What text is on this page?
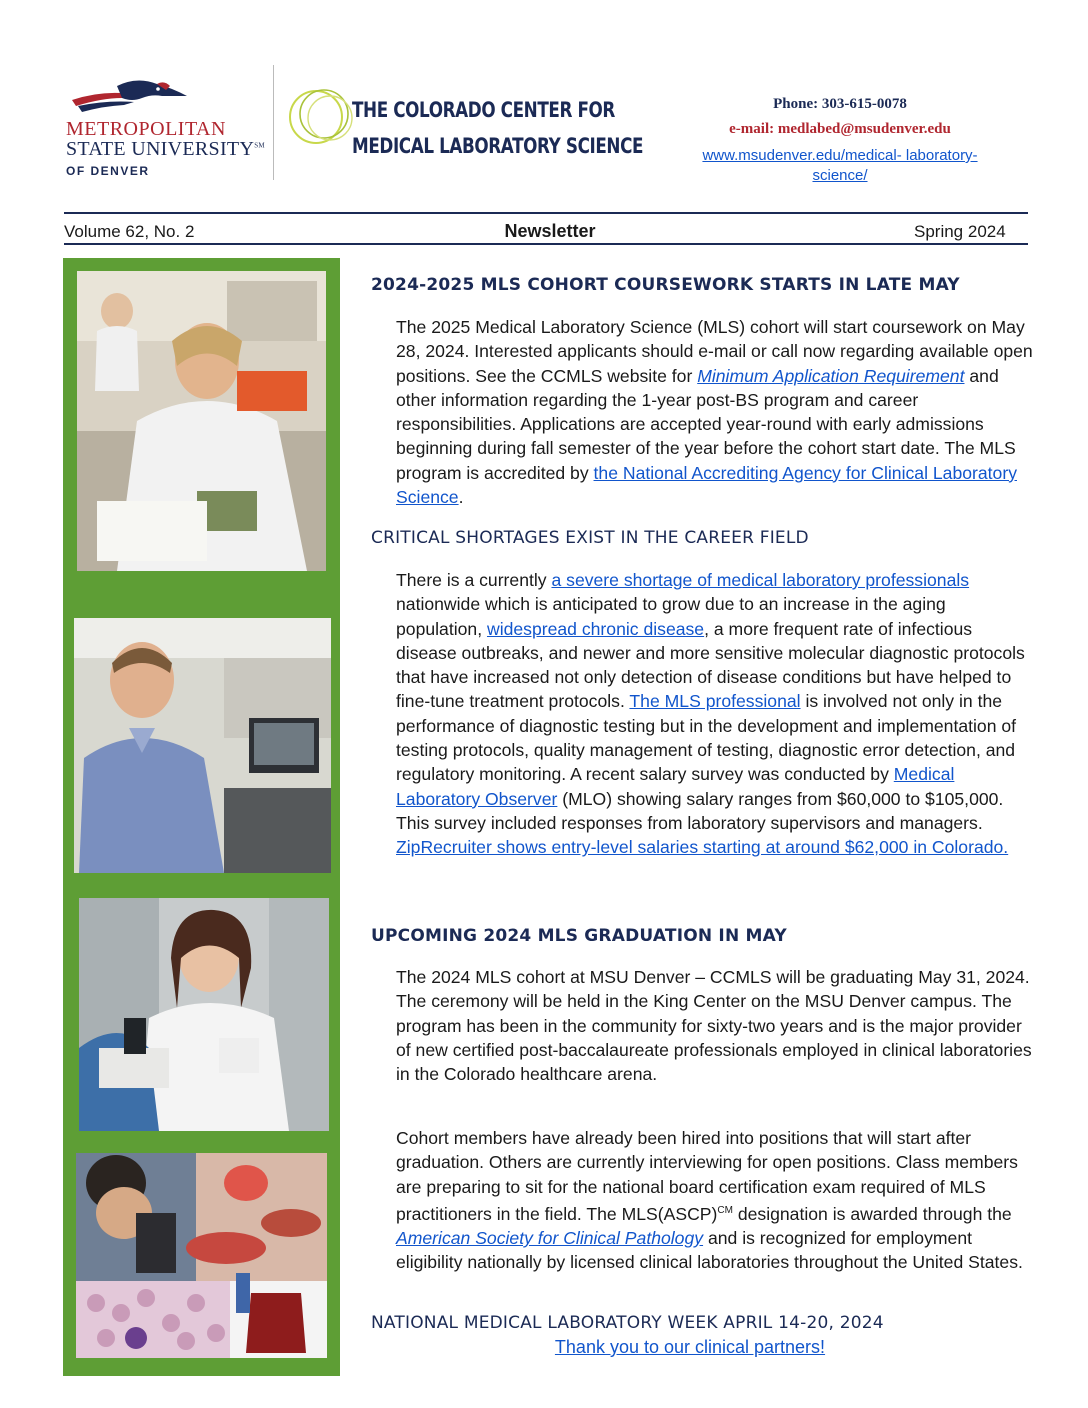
METROPOLITAN
STATE UNIVERSITY℠
OF DENVER
THE COLORADO CENTER FOR
MEDICAL LABORATORY SCIENCE
Phone: 303-615-0078
e-mail: medlabed@msudenver.edu
www.msudenver.edu/medical- laboratory-
science/
Volume 62, No. 2	Newsletter	Spring 2024
2024-2025 MLS COHORT COURSEWORK STARTS IN LATE MAY
The 2025 Medical Laboratory Science (MLS) cohort will start coursework on May 28, 2024. Interested applicants should e-mail or call now regarding available open positions. See the CCMLS website for Minimum Application Requirement and other information regarding the 1-year post-BS program and career responsibilities. Applications are accepted year-round with early admissions beginning during fall semester of the year before the cohort start date. The MLS program is accredited by the National Accrediting Agency for Clinical Laboratory Science.
CRITICAL SHORTAGES EXIST IN THE CAREER FIELD
There is a currently a severe shortage of medical laboratory professionals nationwide which is anticipated to grow due to an increase in the aging population, widespread chronic disease, a more frequent rate of infectious disease outbreaks, and newer and more sensitive molecular diagnostic protocols that have increased not only detection of disease conditions but have helped to fine-tune treatment protocols. The MLS professional is involved not only in the performance of diagnostic testing but in the development and implementation of testing protocols, quality management of testing, diagnostic error detection, and regulatory monitoring. A recent salary survey was conducted by Medical Laboratory Observer (MLO) showing salary ranges from $60,000 to $105,000. This survey included responses from laboratory supervisors and managers. ZipRecruiter shows entry-level salaries starting at around $62,000 in Colorado.
UPCOMING 2024 MLS GRADUATION IN MAY
The 2024 MLS cohort at MSU Denver – CCMLS will be graduating May 31, 2024. The ceremony will be held in the King Center on the MSU Denver campus. The program has been in the community for sixty-two years and is the major provider of new certified post-baccalaureate professionals employed in clinical laboratories in the Colorado healthcare arena.
Cohort members have already been hired into positions that will start after graduation. Others are currently interviewing for open positions. Class members are preparing to sit for the national board certification exam required of MLS practitioners in the field. The MLS(ASCP)$^{CM}$ designation is awarded through the American Society for Clinical Pathology and is recognized for employment eligibility nationally by licensed clinical laboratories throughout the United States.
NATIONAL MEDICAL LABORATORY WEEK APRIL 14-20, 2024
Thank you to our clinical partners!
